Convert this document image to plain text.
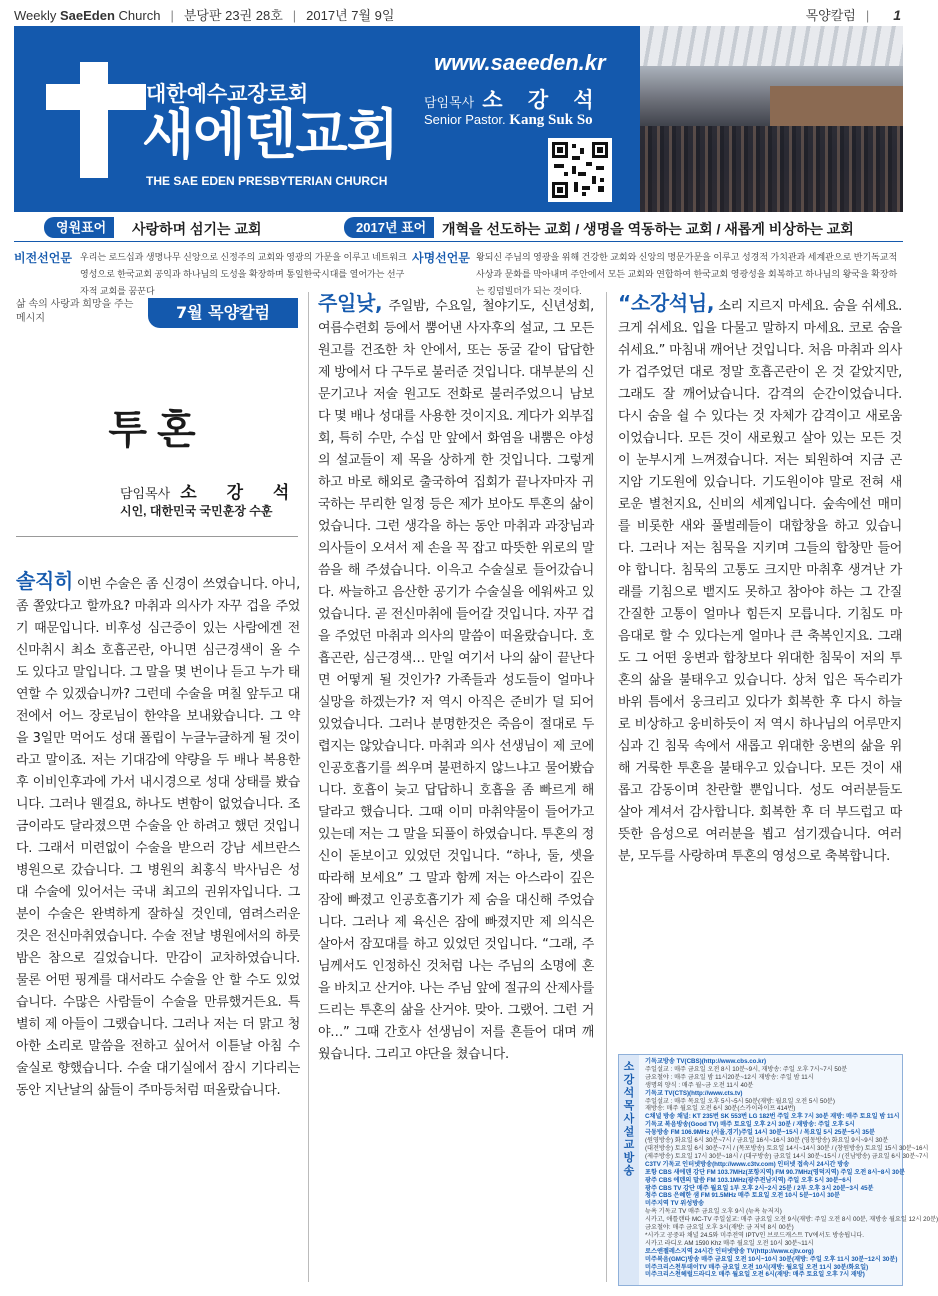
Weekly SaeEden Church | 분당판 23권 28호 | 2017년 7월 9일	목양칼럼 | 1
대한예수교장로회
새에덴교회
THE SAE EDEN PRESBYTERIAN CHURCH
www.saeeden.kr
담임목사 소 강 석
Senior Pastor. Kang Suk So
영원표어	사랑하며 섬기는 교회	2017년 표어	개혁을 선도하는 교회 / 생명을 역동하는 교회 / 새롭게 비상하는 교회
비전선언문 우리는 로드십과 생명나무 신앙으로 신정주의 교회와 영광의 가문을 이루고 네트워크 영성으로 한국교회 공익과 하나님의 도성을 확장하며 통일한국시대를 열어가는 선구자적 교회를 꿈꾼다
사명선언문 왕되신 주님의 영광을 위해 건강한 교회와 신앙의 명문가문을 이루고 성경적 가치관과 세계관으로 반기독교적 사상과 문화를 막아내며 주안에서 모든 교회와 연합하여 한국교회 영광성을 회복하고 하나님의 왕국을 확장하는 킹덤빌더가 되는 것이다.
삶 속의 사랑과 희망을 주는 메시지	7월 목양칼럼
투혼
담임목사 소 강 석
시인, 대한민국 국민훈장 수훈
솔직히 이번 수술은 좀 신경이 쓰였습니다. 아니, 좀 쫄았다고 할까요? 마취과 의사가 자꾸 겁을 주었기 때문입니다. 비후성 심근증이 있는 사람에겐 전신마취시 최소 호흡곤란, 아니면 심근경색이 올 수도 있다고 말입니다. 그 말을 몇 번이나 듣고 누가 태연할 수 있겠습니까? 그런데 수술을 며칠 앞두고 대전에서 어느 장로님이 한약을 보내왔습니다. 그 약을 3일만 먹어도 성대 폴립이 누글누글하게 될 것이라고 말이죠. 저는 기대감에 약량을 두 배나 복용한 후 이비인후과에 가서 내시경으로 성대 상태를 봤습니다. 그러나 웬걸요, 하나도 변함이 없었습니다. 조금이라도 달라졌으면 수술을 안 하려고 했던 것입니다. 그래서 미련없이 수술을 받으러 강남 세브란스병원으로 갔습니다. 그 병원의 최홍식 박사님은 성대 수술에 있어서는 국내 최고의 권위자입니다. 그 분이 수술은 완벽하게 잘하실 것인데, 염려스러운 것은 전신마취였습니다. 수술 전날 병원에서의 하룻밤은 참으로 길었습니다. 만감이 교차하였습니다. 물론 어떤 핑계를 대서라도 수술을 안 할 수도 있었습니다. 수많은 사람들이 수술을 만류했거든요. 특별히 제 아들이 그랬습니다. 그러나 저는 더 맑고 청아한 소리로 말씀을 전하고 싶어서 이튿날 아침 수술실로 향했습니다. 수술 대기실에서 잠시 기다리는 동안 지난날의 삶들이 주마등처럼 떠올랐습니다.
주일낮, 주일밤, 수요일, 철야기도, 신년성회, 여름수련회 등에서 뿜어낸 사자후의 설교, 그 모든 원고를 건조한 차 안에서, 또는 동굴 같이 답답한 제 방에서 다 구두로 불러준 것입니다. 대부분의 신문기고나 저술 원고도 전화로 불러주었으니 남보다 몇 배나 성대를 사용한 것이지요. 게다가 외부집회, 특히 수만, 수십 만 앞에서 화염을 내뿜은 야성의 설교들이 제 목을 상하게 한 것입니다. 그렇게 하고 바로 해외로 출국하여 집회가 끝나자마자 귀국하는 무리한 일정 등은 제가 보아도 투혼의 삶이었습니다. 그런 생각을 하는 동안 마취과 과장님과 의사들이 오셔서 제 손을 꼭 잡고 따뜻한 위로의 말씀을 해 주셨습니다. 이윽고 수술실로 들어갔습니다. 싸늘하고 음산한 공기가 수술실을 에워싸고 있었습니다. 곧 전신마취에 들어갈 것입니다. 자꾸 겁을 주었던 마취과 의사의 말씀이 떠올랐습니다. 호흡곤란, 심근경색… 만일 여기서 나의 삶이 끝난다면 어떻게 될 것인가? 가족들과 성도들이 얼마나 실망을 하겠는가? 저 역시 아직은 준비가 덜 되어 있었습니다. 그러나 분명한것은 죽음이 절대로 두렵지는 않았습니다. 마취과 의사 선생님이 제 코에 인공호흡기를 씌우며 불편하지 않느냐고 물어봤습니다. 호흡이 늦고 답답하니 호흡을 좀 빠르게 해 달라고 했습니다. 그때 이미 마취약물이 들어가고 있는데 저는 그 말을 되풀이 하였습니다. 투혼의 정신이 돋보이고 있었던 것입니다. “하나, 둘, 셋을 따라해 보세요” 그 말과 함께 저는 아스라이 깊은 잠에 빠졌고 인공호흡기가 제 숨을 대신해 주었습니다. 그러나 제 육신은 잠에 빠졌지만 제 의식은 살아서 잠꼬대를 하고 있었던 것입니다. “그래, 주님께서도 인정하신 것처럼 나는 주님의 소명에 혼을 바치고 산거야. 나는 주님 앞에 절규의 산제사를 드리는 투혼의 삶을 산거야. 맞아. 그랬어. 그런 거야…” 그때 간호사 선생님이 저를 흔들어 대며 깨웠습니다. 그리고 야단을 쳤습니다.
“소강석님, 소리 지르지 마세요. 숨을 쉬세요. 크게 쉬세요. 입을 다물고 말하지 마세요. 코로 숨을 쉬세요.” 마침내 깨어난 것입니다. 처음 마취과 의사가 겁주었던 대로 정말 호흡곤란이 온 것 같았지만, 그래도 잘 깨어났습니다. 감격의 순간이었습니다. 다시 숨을 쉴 수 있다는 것 자체가 감격이고 새로움이었습니다. 모든 것이 새로웠고 살아 있는 모든 것이 눈부시게 느껴졌습니다. 저는 퇴원하여 지금 곤지암 기도원에 있습니다. 기도원이야 말로 전혀 새로운 별천지요, 신비의 세계입니다. 숲속에선 매미를 비롯한 새와 풀벌레들이 대합창을 하고 있습니다. 그러나 저는 침묵을 지키며 그들의 합창만 들어야 합니다. 침묵의 고통도 크지만 마취후 생겨난 가래를 기침으로 뱉지도 못하고 참아야 하는 그 간질간질한 고통이 얼마나 힘든지 모릅니다. 기침도 마음대로 할 수 있다는게 얼마나 큰 축복인지요. 그래도 그 어떤 웅변과 합창보다 위대한 침묵이 저의 투혼의 삶을 불태우고 있습니다. 상처 입은 독수리가 바위 틈에서 웅크리고 있다가 회복한 후 다시 하늘로 비상하고 웅비하듯이 저 역시 하나님의 어루만지심과 긴 침묵 속에서 새롭고 위대한 웅변의 삶을 위해 거룩한 투혼을 불태우고 있습니다. 모든 것이 새롭고 감동이며 찬란할 뿐입니다. 성도 여러분들도 살아 계셔서 감사합니다. 회복한 후 더 부드럽고 따뜻한 음성으로 여러분을 뵙고 섬기겠습니다. 여러분, 모두를 사랑하며 투혼의 영성으로 축복합니다.
소
강
석
목
사
설
교
방
송
기독교방송 TV(CBS)(http://www.cbs.co.kr)
주일설교 : 매주 금요일 오전 8시 10분~9시, 재방송: 주일 오후 7시~7시 50분
금요철야 : 매주 금요일 밤 11시20분~12시 재방송: 주일 밤 11시
생명의 양식 : 매주 월~금 오전 11시 40분
기독교 TV(CTS)(http://www.cts.tv)
주일설교 : 매주 목요일 오후 5시~5시 50분(재방: 월요일 오전 5시 50분)
재방송: 매주 월요일 오전 6시 30분(스카이라이프 414번)
C채널 방송 채널: KT 235번 SK 553번 LG 182번 주일 오후 7시 30분 재방: 매주 토요일 밤 11시
기독교 복음방송(Good TV) 매주 토요일 오후 2시 30분 / 재방송: 주일 오후 5시
극동방송 FM 106.9MHz (서울,경기)주일 14시 30분~15시 / 목요일 5시 25분~5시 35분
(원영방송) 화요일 6시 30분~7시 / 금요일 16시~16시 30분 (영동방송) 화요일 9시~9시 30분
(대전방송) 토요일 6시 30분~7시 / (목포방송) 토요일 14시~14시 30분 / (창원방송) 토요일 15시 30분~16시
(제주방송) 토요일 17시 30분~18시 / (대구방송) 금요일 14시 30분~15시 / (진남방송) 금요일 6시 30분~7시
C3TV 기독교 인터넷방송(http://www.c3tv.com) 인터넷 접속시 24시간 방송
포항 CBS 새에덴 강단 FM 103.7MHz(포항지역) FM 90.7MHz(영덕지역) 주일 오전 8시~8시 30분
광주 CBS 에덴의 말씀 FM 103.1MHz(광주전남지역) 주일 오후 5시 30분~6시
광주 CBS TV 강단 매주 월요일 1부 오후 2시~2시 25분 / 2부 오후 3시 20분~3시 45분
청주 CBS 은혜한 샘 FM 91.5MHz 매주 토요일 오전 10시 5분~10시 30분
미주지역 TV 위성방송
뉴욕 기독교 TV 매주 금요일 오후 9시 (뉴욕 뉴저지)
시카고, 애틀랜타 MC-TV 주일설교: 매주 금요일 오전 9시(재방: 주일 오전 8시 00분, 재방송 월요일 12시 20분)
금요철야: 매주 금요일 오후 3시(재방: 금 저녁 8시 00분)
*시카고 공중파 채널 24.5와 미주전역 IPTV인 브로드캐스트 TV에서도 방송됩니다.
시카고 라디오 AM 1590 Khz 매주 월요일 오전 10시 30분~11시
로스앤젤레스지역 24시간 인터넷방송 TV(http://www.cjtv.org)
미주복음(GMC)방송 매주 금요일 오전 10시~10시 30분(재방: 주일 오후 11시 30분~12시 30분)
미주크리스천투데이TV 매주 금요일 오전 10시(재방: 월요일 오전 11시 30분/화요일)
미주크리스천헤럴드라디오 매주 월요일 오전 6시(재방: 매주 토요일 오후 7시 재방)
